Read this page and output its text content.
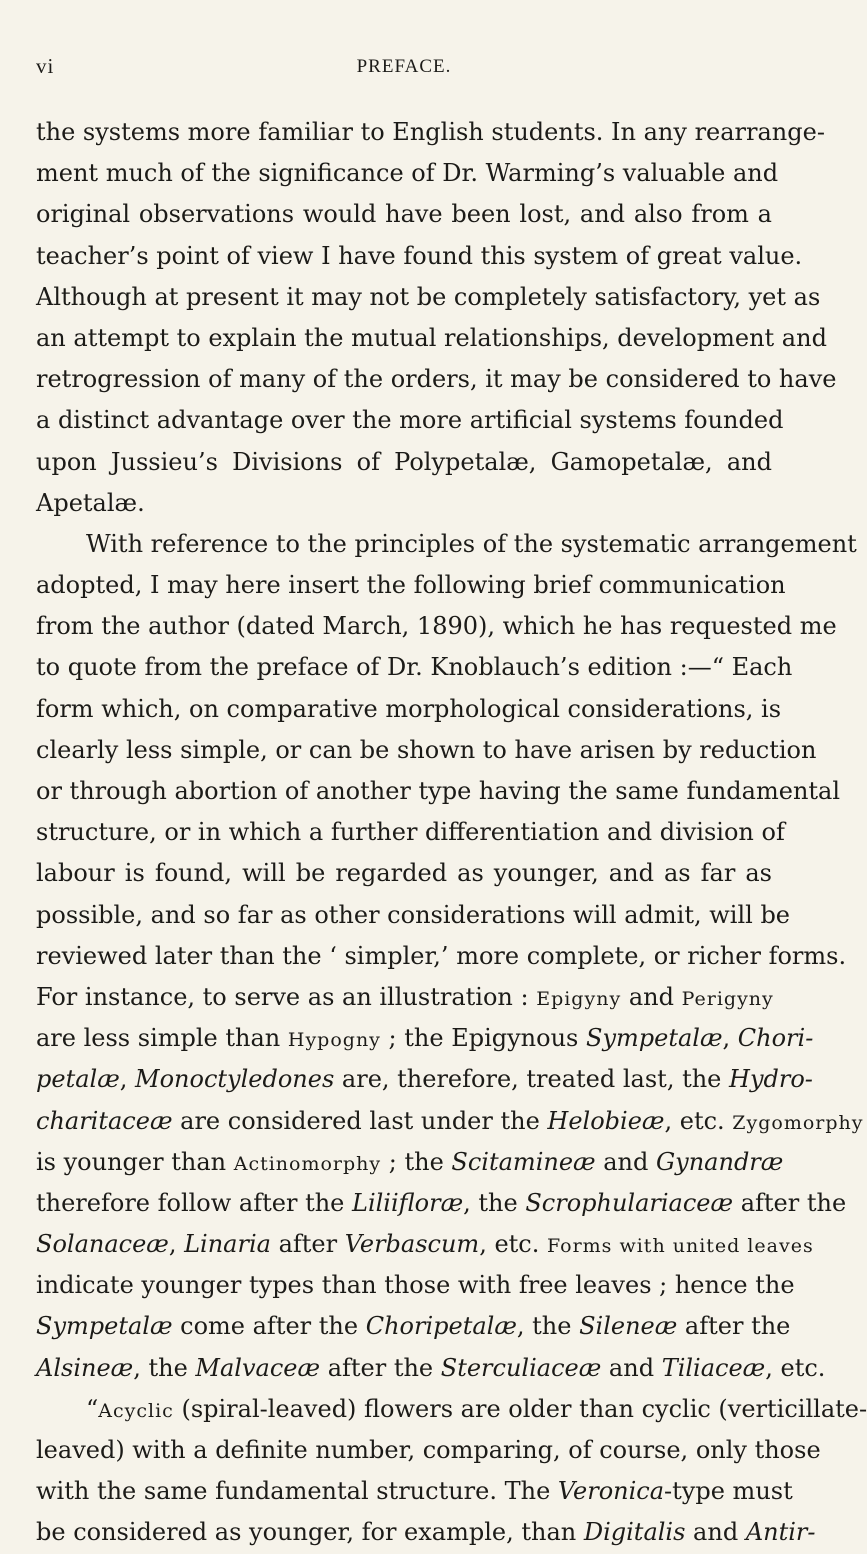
vi	PREFACE.
the systems more familiar to English students. In any rearrange-
ment much of the significance of Dr. Warming’s valuable and
original observations would have been lost, and also from a
teacher’s point of view I have found this system of great value.
Although at present it may not be completely satisfactory, yet as
an attempt to explain the mutual relationships, development and
retrogression of many of the orders, it may be considered to have
a distinct advantage over the more artificial systems founded
upon Jussieu’s Divisions of Polypetalæ, Gamopetalæ, and
Apetalæ.
With reference to the principles of the systematic arrangement
adopted, I may here insert the following brief communication
from the author (dated March, 1890), which he has requested me
to quote from the preface of Dr. Knoblauch’s edition :—“ Each
form which, on comparative morphological considerations, is
clearly less simple, or can be shown to have arisen by reduction
or through abortion of another type having the same fundamental
structure, or in which a further differentiation and division of
labour is found, will be regarded as younger, and as far as
possible, and so far as other considerations will admit, will be
reviewed later than the ‘ simpler,’ more complete, or richer forms.
For instance, to serve as an illustration : Epigyny and Perigyny
are less simple than Hypogny ; the Epigynous Sympetalæ, Chori-
petalæ, Monoctyledones are, therefore, treated last, the Hydro-
charitaceæ are considered last under the Helobieæ, etc. Zygomorphy
is younger than Actinomorphy ; the Scitamineæ and Gynandræ
therefore follow after the Liliifloræ, the Scrophulariaceæ after the
Solanaceæ, Linaria after Verbascum, etc. Forms with united leaves
indicate younger types than those with free leaves ; hence the
Sympetalæ come after the Choripetalæ, the Sileneæ after the
Alsineæ, the Malvaceæ after the Sterculiaceæ and Tiliaceæ, etc.
“Acyclic (spiral-leaved) flowers are older than cyclic (verticillate-
leaved) with a definite number, comparing, of course, only those
with the same fundamental structure. The Veronica-type must
be considered as younger, for example, than Digitalis and Antir-
